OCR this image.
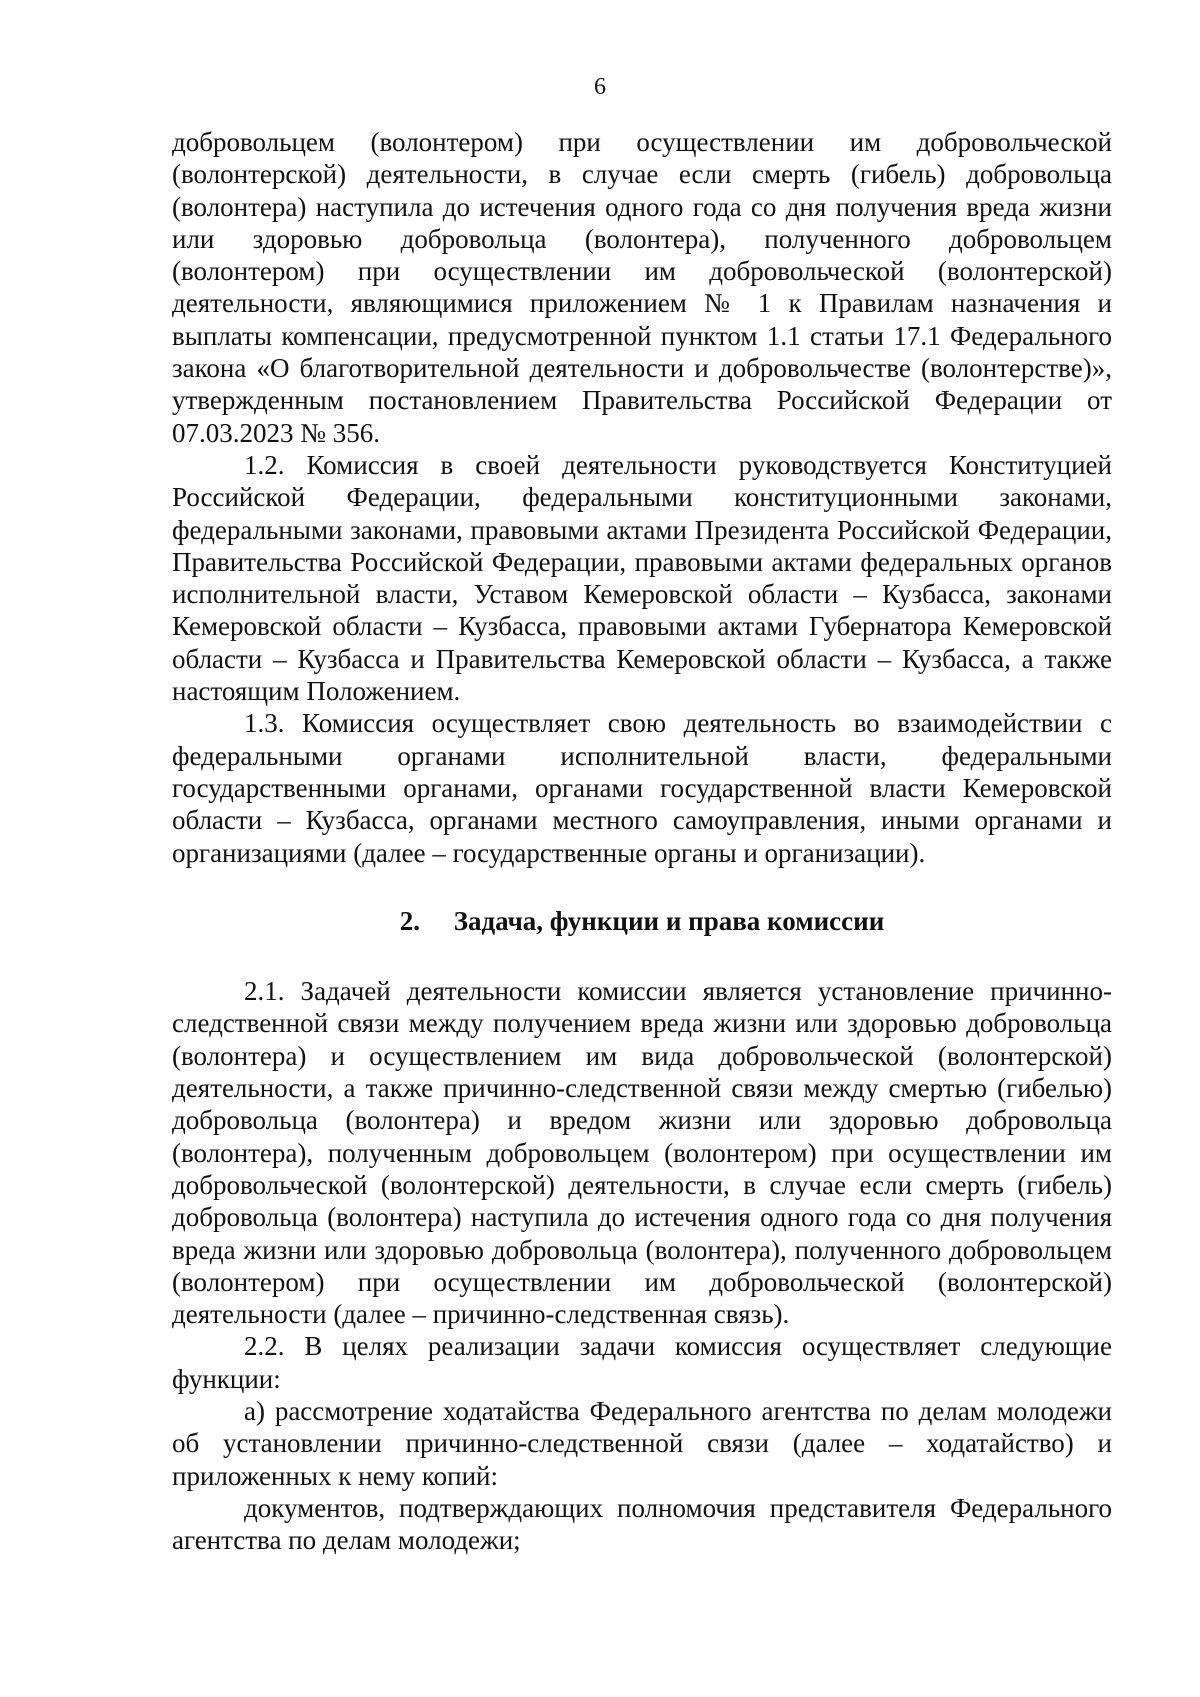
6

добровольцем (волонтером) при осуществлении им добровольческой (волонтерской) деятельности, в случае если смерть (гибель) добровольца (волонтера) наступила до истечения одного года со дня получения вреда жизни или здоровью добровольца (волонтера), полученного добровольцем (волонтером) при осуществлении им добровольческой (волонтерской) деятельности, являющимися приложением № 1 к Правилам назначения и выплаты компенсации, предусмотренной пунктом 1.1 статьи 17.1 Федерального закона «О благотворительной деятельности и добровольчестве (волонтерстве)», утвержденным постановлением Правительства Российской Федерации от 07.03.2023 № 356.

1.2. Комиссия в своей деятельности руководствуется Конституцией Российской Федерации, федеральными конституционными законами, федеральными законами, правовыми актами Президента Российской Федерации, Правительства Российской Федерации, правовыми актами федеральных органов исполнительной власти, Уставом Кемеровской области – Кузбасса, законами Кемеровской области – Кузбасса, правовыми актами Губернатора Кемеровской области – Кузбасса и Правительства Кемеровской области – Кузбасса, а также настоящим Положением.

1.3. Комиссия осуществляет свою деятельность во взаимодействии с федеральными органами исполнительной власти, федеральными государственными органами, органами государственной власти Кемеровской области – Кузбасса, органами местного самоуправления, иными органами и организациями (далее – государственные органы и организации).

2. Задача, функции и права комиссии

2.1. Задачей деятельности комиссии является установление причинно-следственной связи между получением вреда жизни или здоровью добровольца (волонтера) и осуществлением им вида добровольческой (волонтерской) деятельности, а также причинно-следственной связи между смертью (гибелью) добровольца (волонтера) и вредом жизни или здоровью добровольца (волонтера), полученным добровольцем (волонтером) при осуществлении им добровольческой (волонтерской) деятельности, в случае если смерть (гибель) добровольца (волонтера) наступила до истечения одного года со дня получения вреда жизни или здоровью добровольца (волонтера), полученного добровольцем (волонтером) при осуществлении им добровольческой (волонтерской) деятельности (далее – причинно-следственная связь).

2.2. В целях реализации задачи комиссия осуществляет следующие функции:

а) рассмотрение ходатайства Федерального агентства по делам молодежи об установлении причинно-следственной связи (далее – ходатайство) и приложенных к нему копий:

документов, подтверждающих полномочия представителя Федерального агентства по делам молодежи;
